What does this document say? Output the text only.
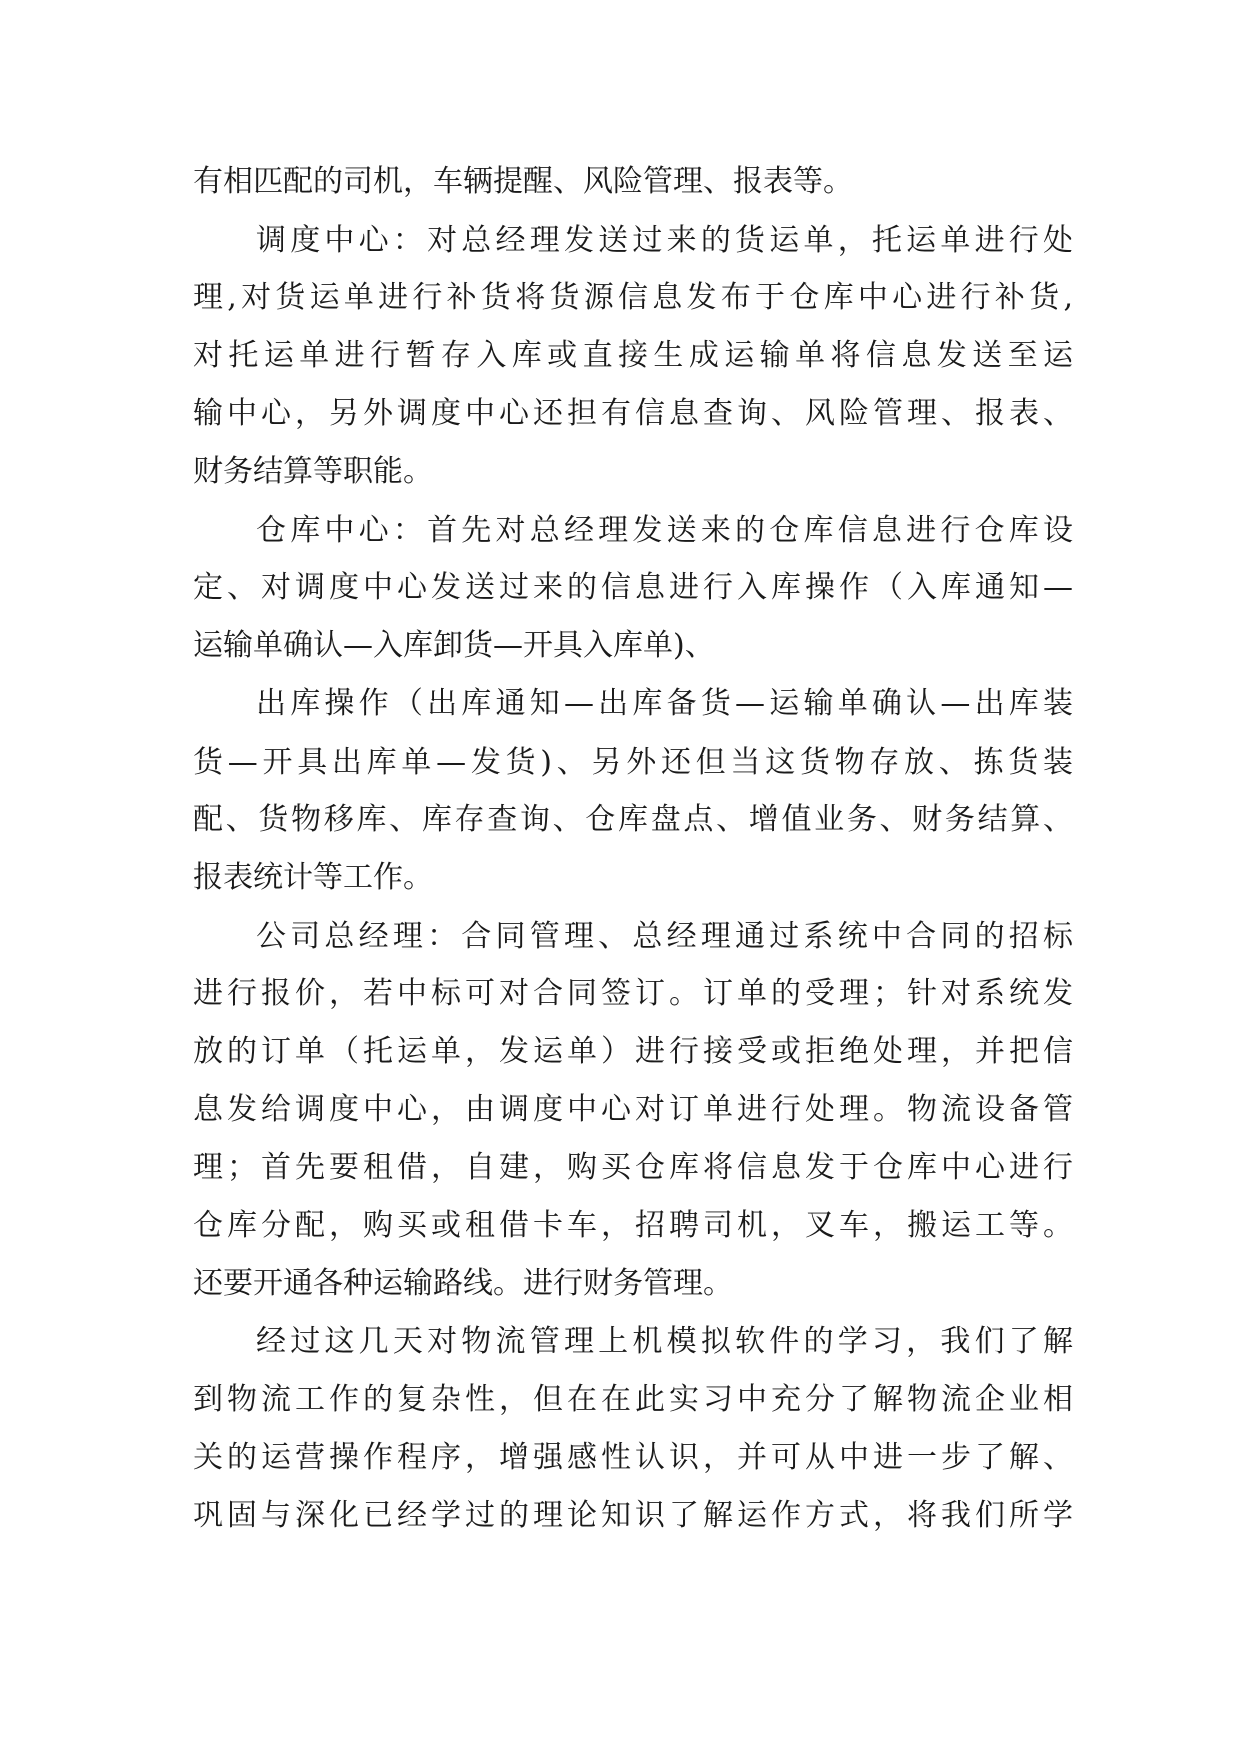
有相匹配的司机，车辆提醒、风险管理、报表等。
调度中心：对总经理发送过来的货运单，托运单进行处
理,对货运单进行补货将货源信息发布于仓库中心进行补货,
对托运单进行暂存入库或直接生成运输单将信息发送至运
输中心，另外调度中心还担有信息查询、风险管理、报表、
财务结算等职能。
仓库中心：首先对总经理发送来的仓库信息进行仓库设
定、对调度中心发送过来的信息进行入库操作（入库通知—
运输单确认—入库卸货—开具入库单)、
出库操作（出库通知—出库备货—运输单确认—出库装
货—开具出库单—发货)、另外还但当这货物存放、拣货装
配、货物移库、库存查询、仓库盘点、增值业务、财务结算、
报表统计等工作。
公司总经理：合同管理、总经理通过系统中合同的招标
进行报价，若中标可对合同签订。订单的受理；针对系统发
放的订单（托运单，发运单）进行接受或拒绝处理，并把信
息发给调度中心，由调度中心对订单进行处理。物流设备管
理；首先要租借，自建，购买仓库将信息发于仓库中心进行
仓库分配，购买或租借卡车，招聘司机，叉车，搬运工等。
还要开通各种运输路线。进行财务管理。
经过这几天对物流管理上机模拟软件的学习，我们了解
到物流工作的复杂性，但在在此实习中充分了解物流企业相
关的运营操作程序，增强感性认识，并可从中进一步了解、
巩固与深化已经学过的理论知识了解运作方式，将我们所学
